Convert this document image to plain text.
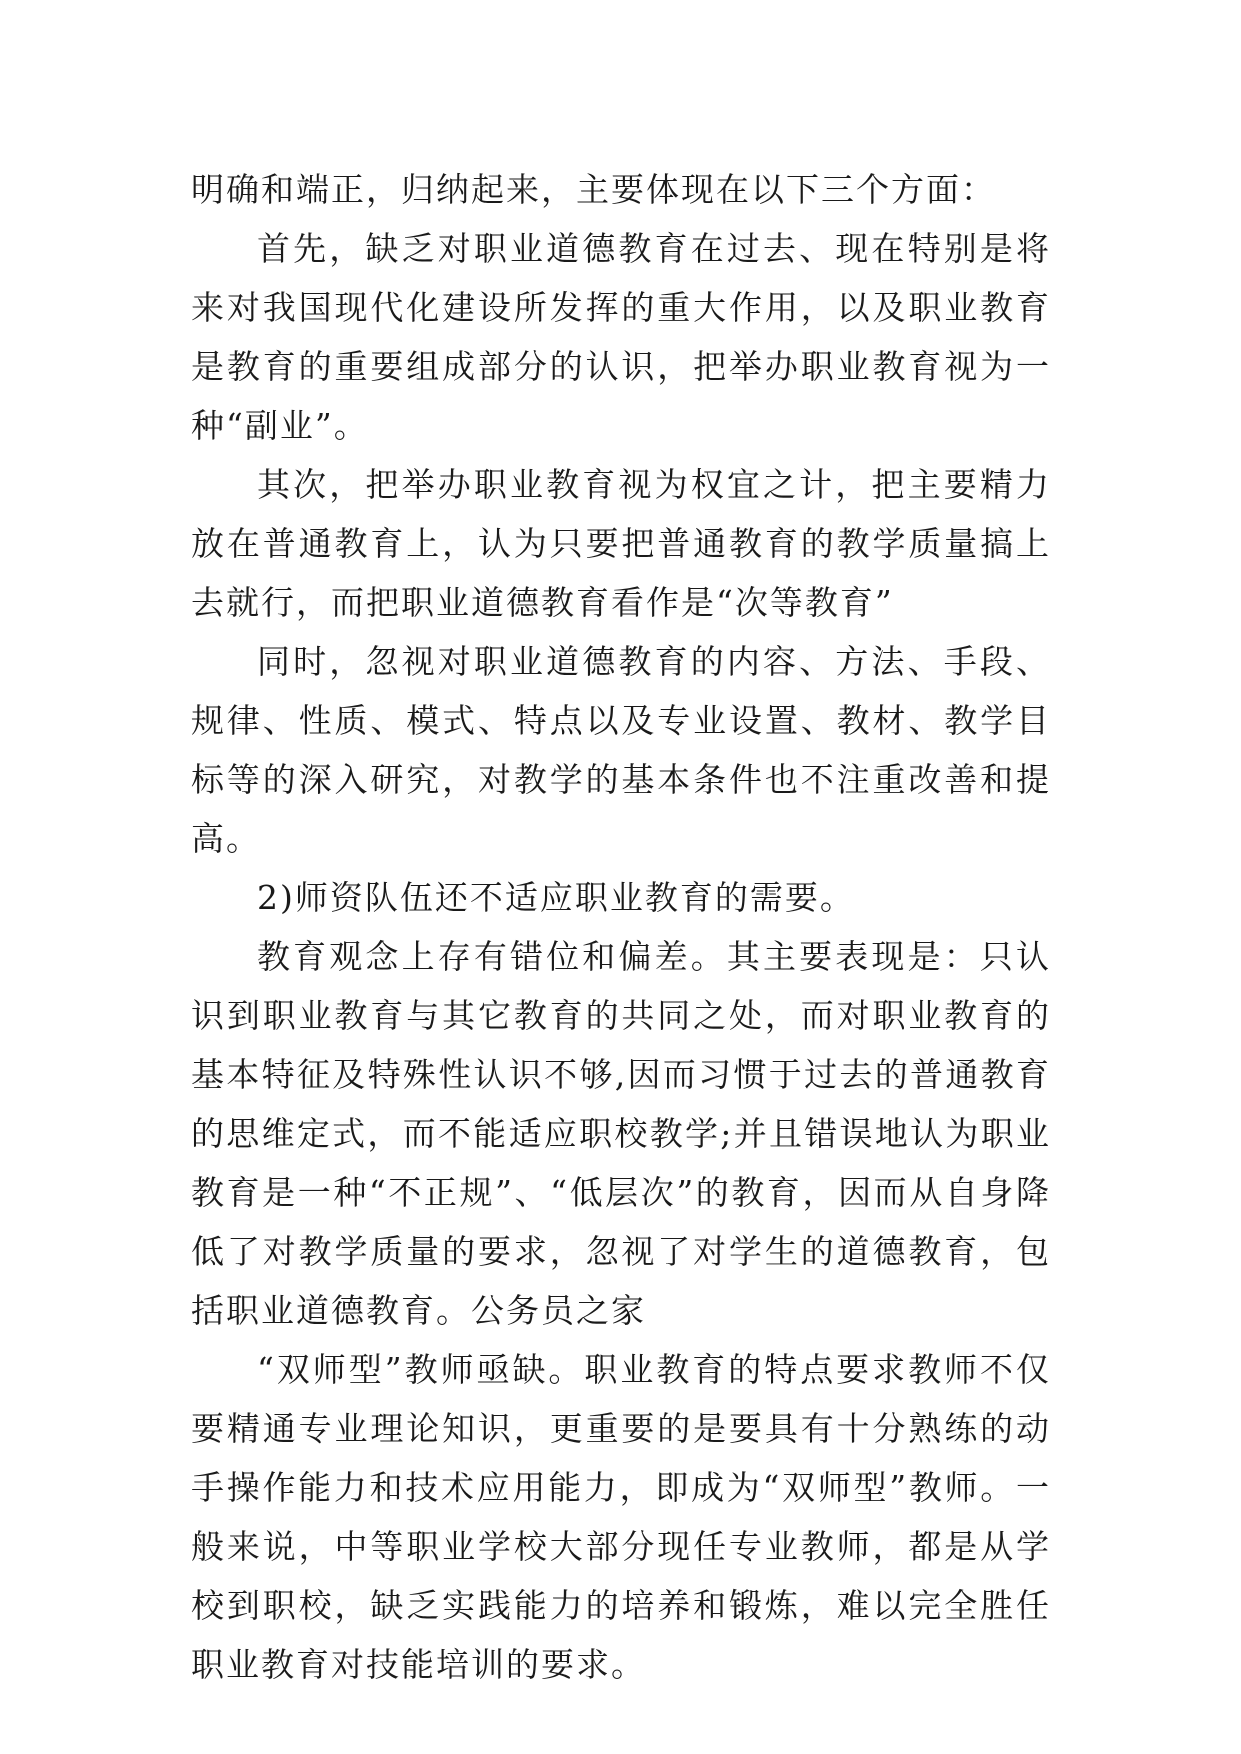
明确和端正，归纳起来，主要体现在以下三个方面：

首先，缺乏对职业道德教育在过去、现在特别是将来对我国现代化建设所发挥的重大作用，以及职业教育是教育的重要组成部分的认识，把举办职业教育视为一种“副业”。

其次，把举办职业教育视为权宜之计，把主要精力放在普通教育上，认为只要把普通教育的教学质量搞上去就行，而把职业道德教育看作是“次等教育”

同时，忽视对职业道德教育的内容、方法、手段、规律、性质、模式、特点以及专业设置、教材、教学目标等的深入研究，对教学的基本条件也不注重改善和提高。

2)师资队伍还不适应职业教育的需要。

教育观念上存有错位和偏差。其主要表现是：只认识到职业教育与其它教育的共同之处，而对职业教育的基本特征及特殊性认识不够,因而习惯于过去的普通教育的思维定式，而不能适应职校教学;并且错误地认为职业教育是一种“不正规”、“低层次”的教育，因而从自身降低了对教学质量的要求，忽视了对学生的道德教育，包括职业道德教育。公务员之家

“双师型”教师亟缺。职业教育的特点要求教师不仅要精通专业理论知识，更重要的是要具有十分熟练的动手操作能力和技术应用能力，即成为“双师型”教师。一般来说，中等职业学校大部分现任专业教师，都是从学校到职校，缺乏实践能力的培养和锻炼，难以完全胜任职业教育对技能培训的要求。
